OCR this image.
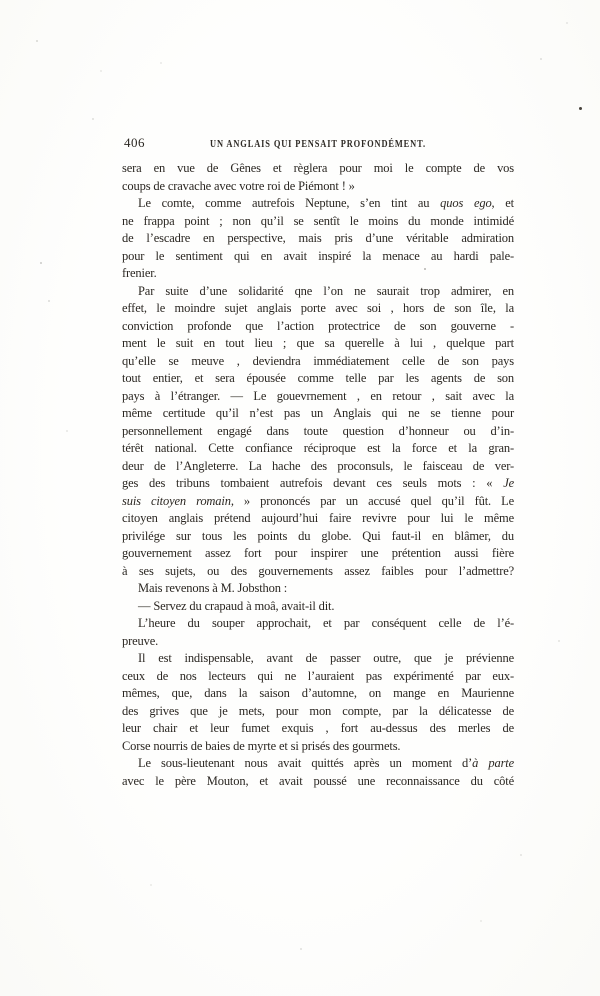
406	UN ANGLAIS QUI PENSAIT PROFONDÉMENT.
sera en vue de Gênes et règlera pour moi le compte de vos
coups de cravache avec votre roi de Piémont ! »
Le comte, comme autrefois Neptune, s’en tint au quos ego, et
ne frappa point ; non qu’il se sentît le moins du monde intimidé
de l’escadre en perspective, mais pris d’une véritable admiration
pour le sentiment qui en avait inspiré la menace au hardi pale-
frenier.
Par suite d’une solidarité qne l’on ne saurait trop admirer, en
effet, le moindre sujet anglais porte avec soi , hors de son île, la
conviction profonde que l’action protectrice de son gouverne -
ment le suit en tout lieu ; que sa querelle à lui , quelque part
qu’elle se meuve , deviendra immédiatement celle de son pays
tout entier, et sera épousée comme telle par les agents de son
pays à l’étranger. — Le gouevrnement , en retour , sait avec la
même certitude qu’il n’est pas un Anglais qui ne se tienne pour
personnellement engagé dans toute question d’honneur ou d’in-
térêt national. Cette confiance réciproque est la force et la gran-
deur de l’Angleterre. La hache des proconsuls, le faisceau de ver-
ges des tribuns tombaient autrefois devant ces seuls mots : « Je
suis citoyen romain, » prononcés par un accusé quel qu’il fût. Le
citoyen anglais prétend aujourd’hui faire revivre pour lui le même
privilége sur tous les points du globe. Qui faut-il en blâmer, du
gouvernement assez fort pour inspirer une prétention aussi fière
à ses sujets, ou des gouvernements assez faibles pour l’admettre?
Mais revenons à M. Jobsthon :
— Servez du crapaud à moâ, avait-il dit.
L’heure du souper approchait, et par conséquent celle de l’é-
preuve.
Il est indispensable, avant de passer outre, que je prévienne
ceux de nos lecteurs qui ne l’auraient pas expérimenté par eux-
mêmes, que, dans la saison d’automne, on mange en Maurienne
des grives que je mets, pour mon compte, par la délicatesse de
leur chair et leur fumet exquis , fort au-dessus des merles de
Corse nourris de baies de myrte et si prisés des gourmets.
Le sous-lieutenant nous avait quittés après un moment d’à parte
avec le père Mouton, et avait poussé une reconnaissance du côté
